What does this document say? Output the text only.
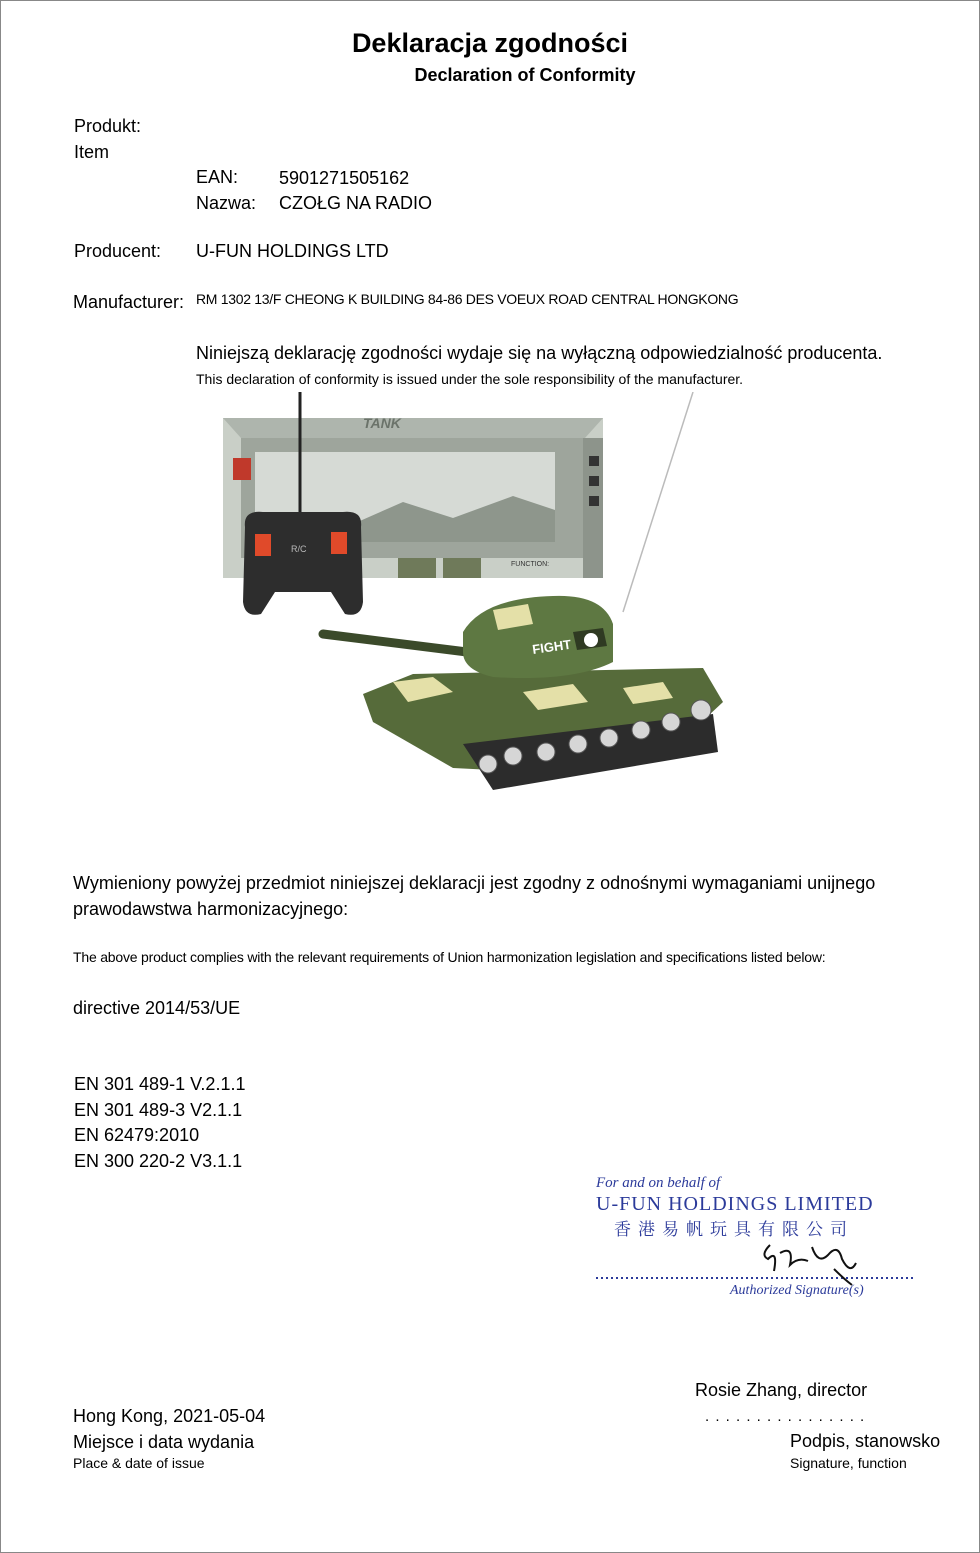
Deklaracja zgodności
Declaration of Conformity
Produkt:
Item
EAN: 5901271505162
Nazwa: CZOŁG NA RADIO
Producent: U-FUN HOLDINGS LTD
Manufacturer: RM 1302 13/F CHEONG K BUILDING 84-86 DES VOEUX ROAD CENTRAL HONGKONG
Niniejszą deklarację zgodności wydaje się na wyłączną odpowiedzialność producenta.
This declaration of conformity is issued under the sole responsibility of the manufacturer.
TANK
FUNCTION:
R/C
FIGHT
Wymieniony powyżej przedmiot niniejszej deklaracji jest zgodny z odnośnymi wymaganiami unijnego
prawodawstwa harmonizacyjnego:
The above product complies with the relevant requirements of Union harmonization legislation and specifications listed below:
directive 2014/53/UE
EN 301 489-1 V.2.1.1
EN 301 489-3 V2.1.1
EN 62479:2010
EN 300 220-2 V3.1.1
For and on behalf of
U-FUN HOLDINGS LIMITED
香港易帆玩具有限公司
Authorized Signature(s)
Rosie Zhang, director
Hong Kong, 2021-05-04	. . . . . . . . . . . . . . . .
Miejsce i data wydania	Podpis, stanowsko
Place & date of issue	Signature, function
